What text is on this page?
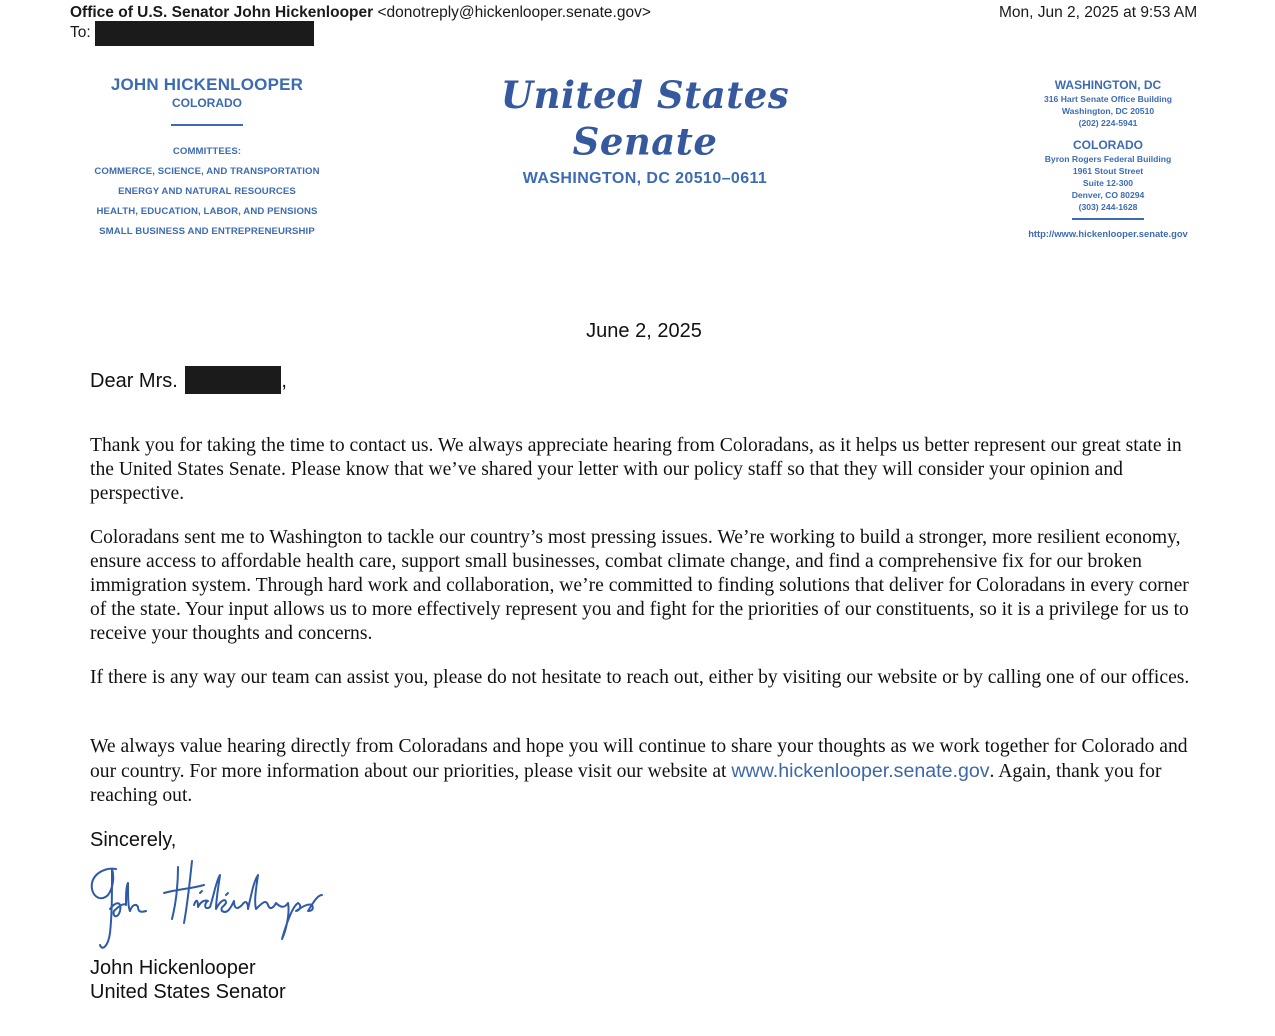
Office of U.S. Senator John Hickenlooper <donotreply@hickenlooper.senate.gov>	Mon, Jun 2, 2025 at 9:53 AM
To:
JOHN HICKENLOOPER
COLORADO
COMMITTEES:
COMMERCE, SCIENCE, AND TRANSPORTATION
ENERGY AND NATURAL RESOURCES
HEALTH, EDUCATION, LABOR, AND PENSIONS
SMALL BUSINESS AND ENTREPRENEURSHIP
United States Senate
WASHINGTON, DC 20510–0611
WASHINGTON, DC
316 Hart Senate Office Building
Washington, DC 20510
(202) 224-5941
COLORADO
Byron Rogers Federal Building
1961 Stout Street
Suite 12-300
Denver, CO 80294
(303) 244-1628
http://www.hickenlooper.senate.gov
June 2, 2025
Dear Mrs.	,
Thank you for taking the time to contact us. We always appreciate hearing from Coloradans, as it helps us better represent our great state in the United States Senate. Please know that we’ve shared your letter with our policy staff so that they will consider your opinion and perspective.
Coloradans sent me to Washington to tackle our country’s most pressing issues. We’re working to build a stronger, more resilient economy, ensure access to affordable health care, support small businesses, combat climate change, and find a comprehensive fix for our broken immigration system. Through hard work and collaboration, we’re committed to finding solutions that deliver for Coloradans in every corner of the state. Your input allows us to more effectively represent you and fight for the priorities of our constituents, so it is a privilege for us to receive your thoughts and concerns.
If there is any way our team can assist you, please do not hesitate to reach out, either by visiting our website or by calling one of our offices.
We always value hearing directly from Coloradans and hope you will continue to share your thoughts as we work together for Colorado and our country. For more information about our priorities, please visit our website at www.hickenlooper.senate.gov. Again, thank you for reaching out.
Sincerely,
John Hickenlooper
United States Senator
